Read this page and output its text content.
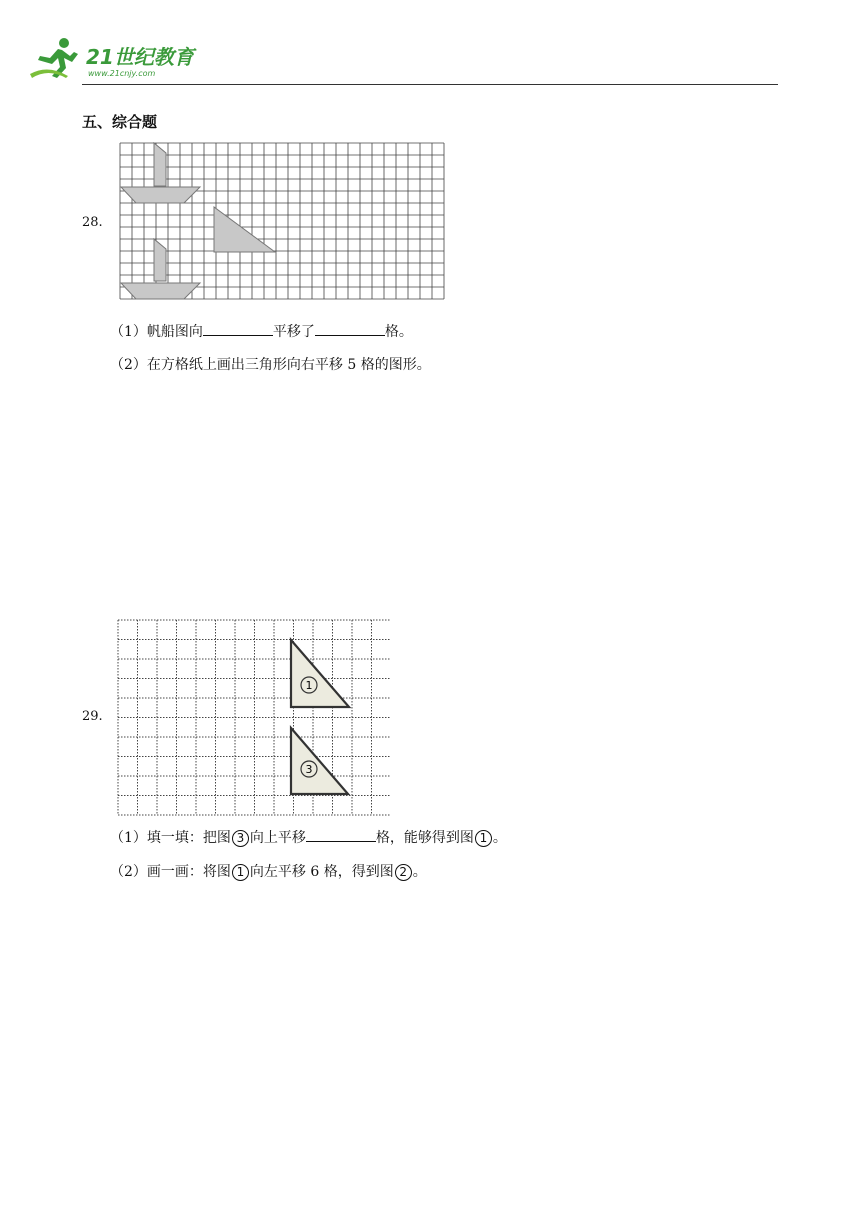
21世纪教育
www.21cnjy.com
五、综合题
28.
（1）帆船图向	平移了	格。
（2）在方格纸上画出三角形向右平移 5 格的图形。
29.
1
3
（1）填一填：把图 3 向上平移	格，能够得到图 1 。
（2）画一画：将图 1 向左平移 6 格，得到图 2 。
